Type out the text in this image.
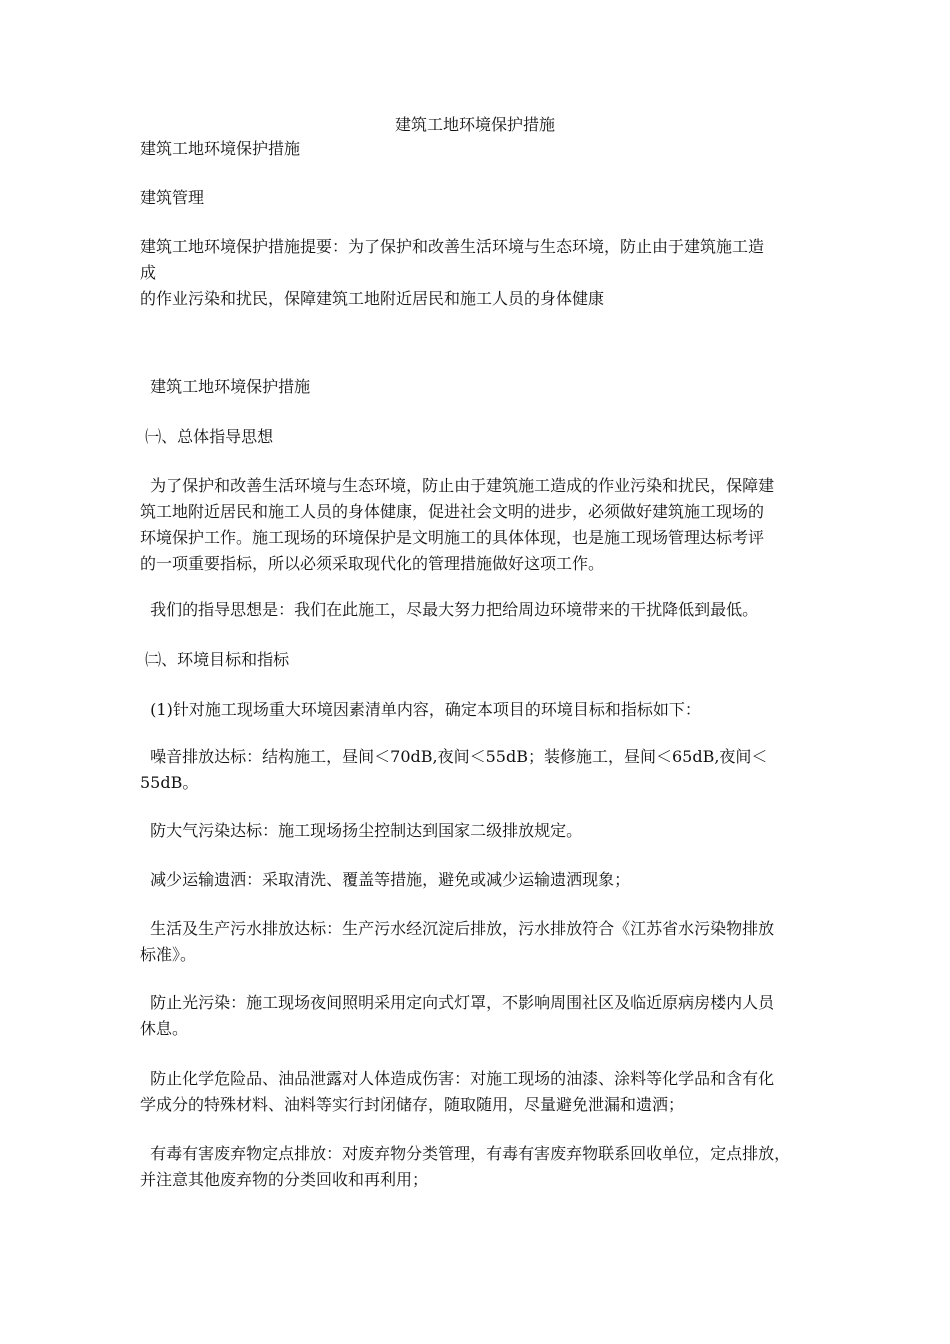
建筑工地环境保护措施

建筑工地环境保护措施

建筑管理

建筑工地环境保护措施提要：为了保护和改善生活环境与生态环境，防止由于建筑施工造
成
的作业污染和扰民，保障建筑工地附近居民和施工人员的身体健康

建筑工地环境保护措施

㈠、总体指导思想

为了保护和改善生活环境与生态环境，防止由于建筑施工造成的作业污染和扰民，保障建
筑工地附近居民和施工人员的身体健康，促进社会文明的进步，必须做好建筑施工现场的
环境保护工作。施工现场的环境保护是文明施工的具体体现，也是施工现场管理达标考评
的一项重要指标，所以必须采取现代化的管理措施做好这项工作。

我们的指导思想是：我们在此施工，尽最大努力把给周边环境带来的干扰降低到最低。

㈡、环境目标和指标

(1)针对施工现场重大环境因素清单内容，确定本项目的环境目标和指标如下：

噪音排放达标：结构施工，昼间＜70dB,夜间＜55dB；装修施工，昼间＜65dB,夜间＜
55dB。

防大气污染达标：施工现场扬尘控制达到国家二级排放规定。

减少运输遗洒：采取清洗、覆盖等措施，避免或减少运输遗洒现象；

生活及生产污水排放达标：生产污水经沉淀后排放，污水排放符合《江苏省水污染物排放
标准》。

防止光污染：施工现场夜间照明采用定向式灯罩，不影响周围社区及临近原病房楼内人员
休息。

防止化学危险品、油品泄露对人体造成伤害：对施工现场的油漆、涂料等化学品和含有化
学成分的特殊材料、油料等实行封闭储存，随取随用，尽量避免泄漏和遗洒；

有毒有害废弃物定点排放：对废弃物分类管理，有毒有害废弃物联系回收单位，定点排放，
并注意其他废弃物的分类回收和再利用；
